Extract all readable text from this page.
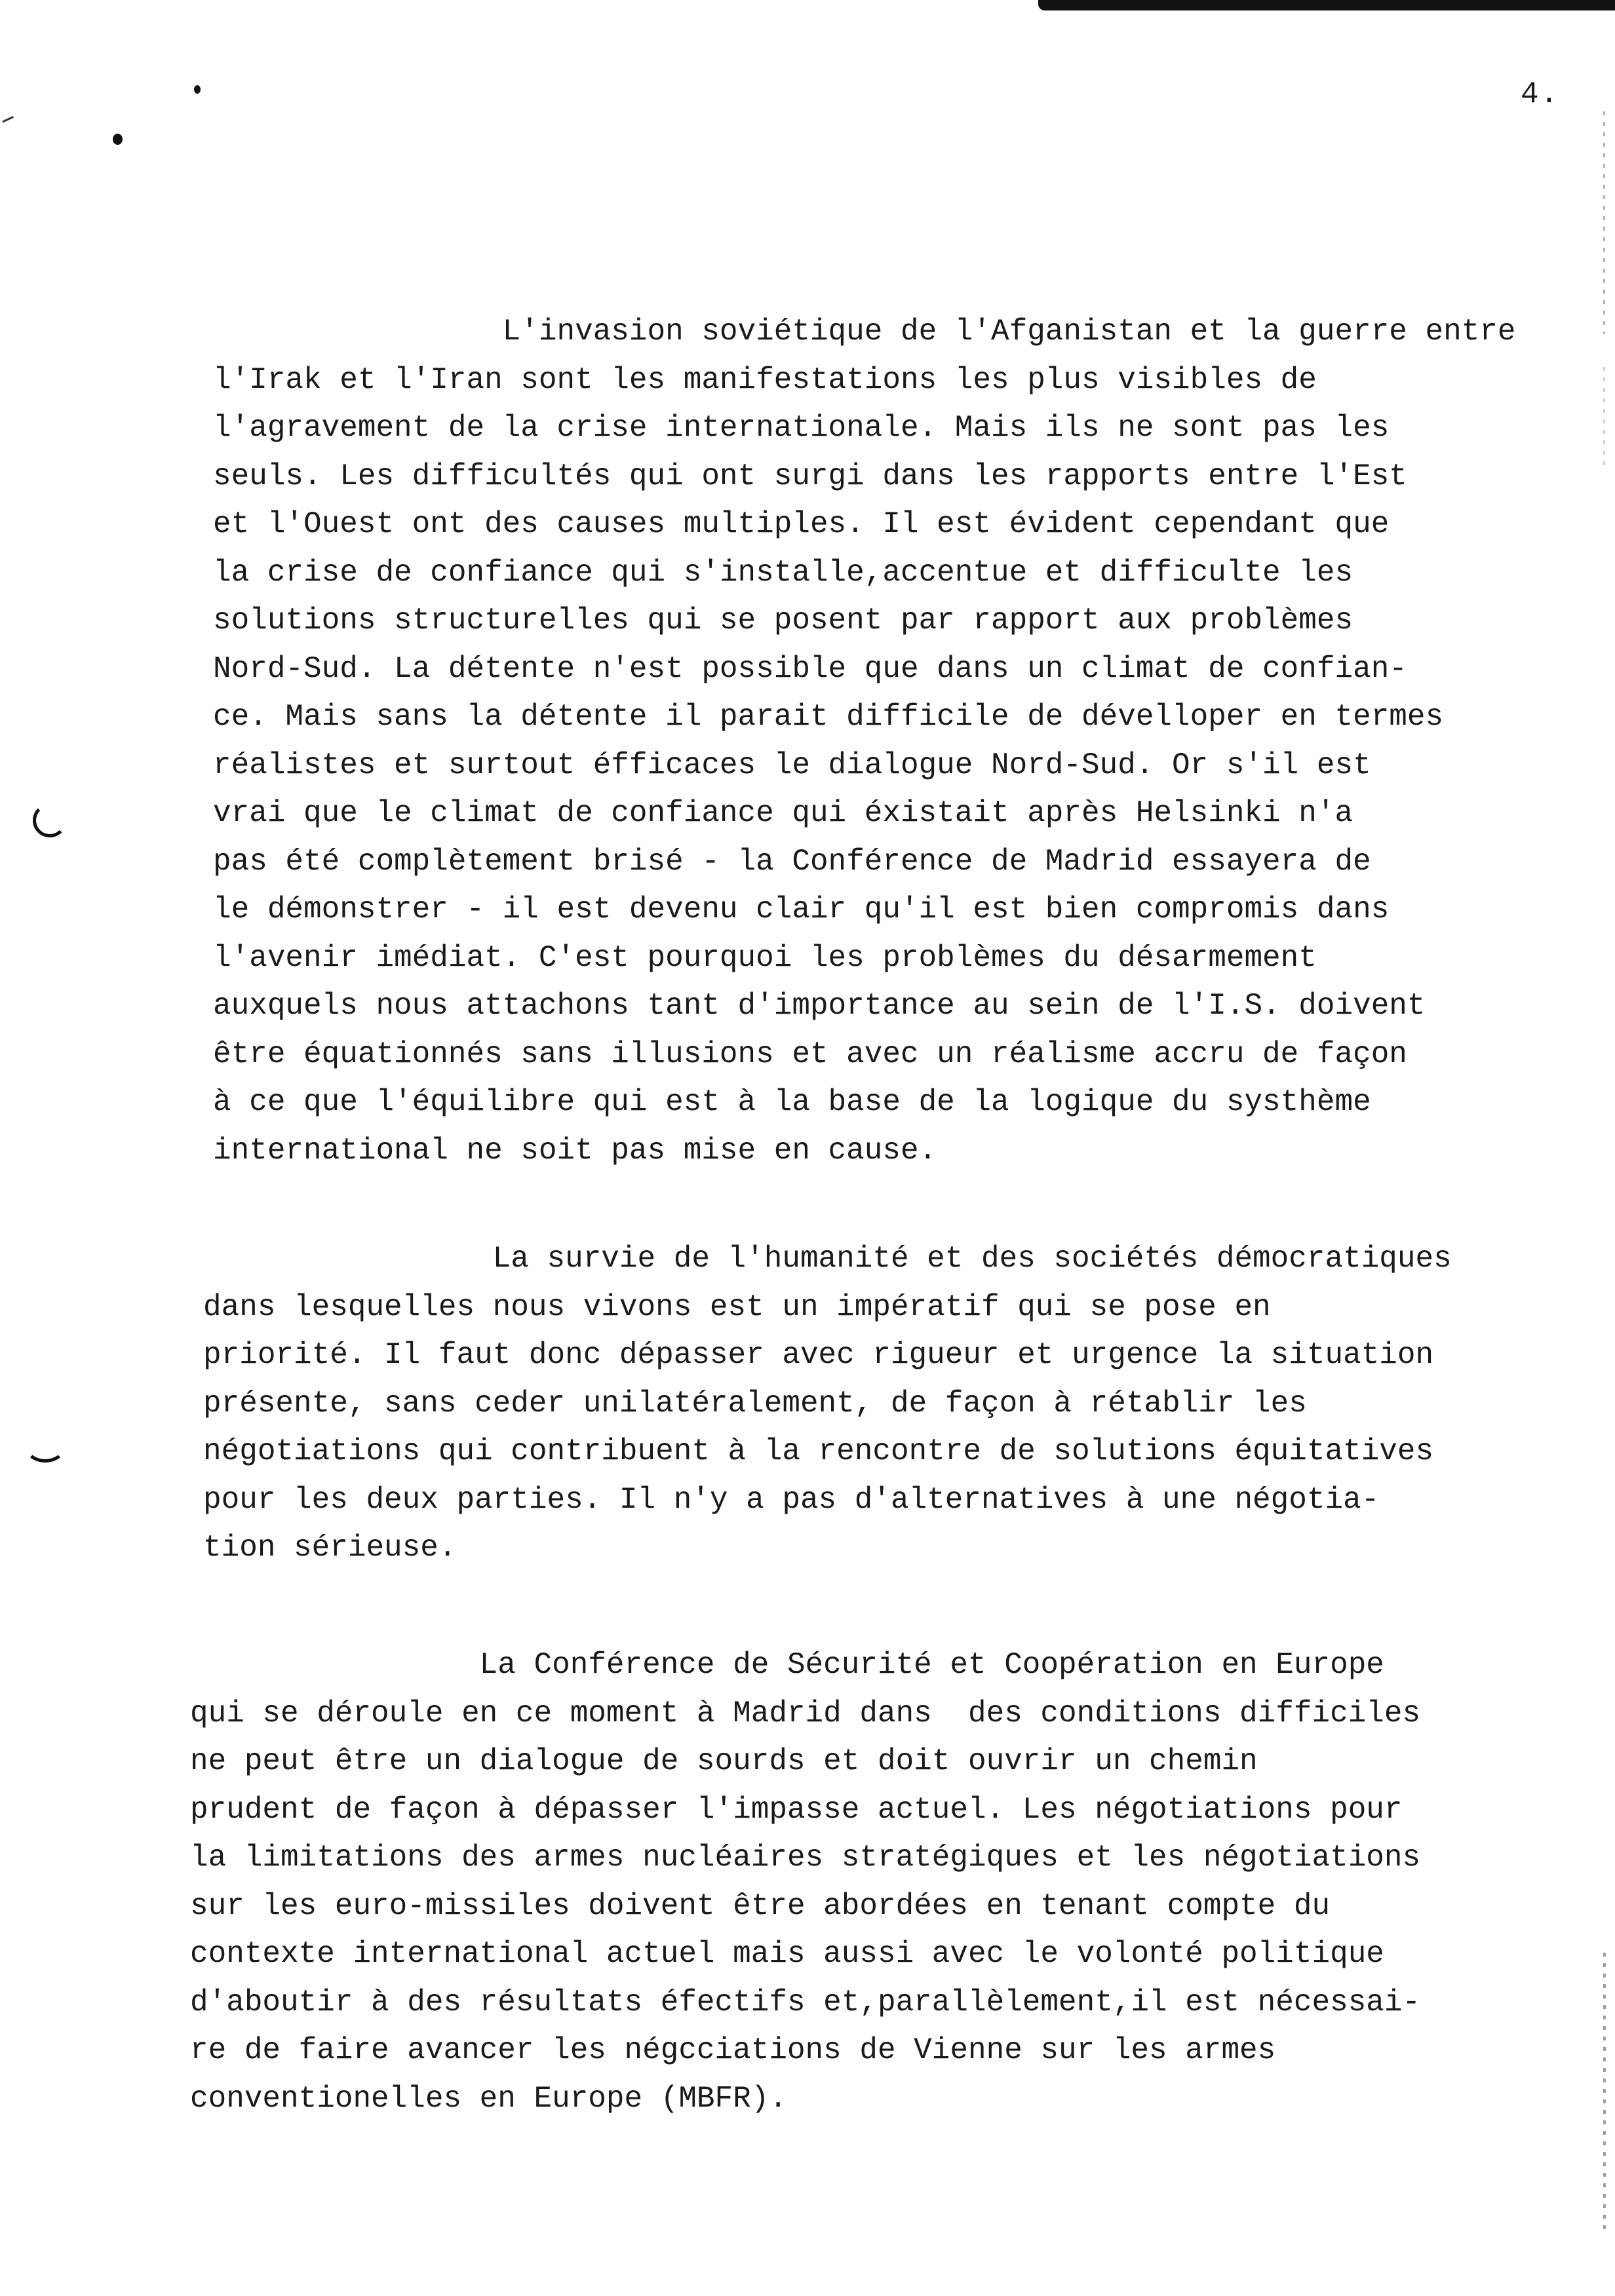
4.
L'invasion soviétique de l'Afganistan et la guerre entre
l'Irak et l'Iran sont les manifestations les plus visibles de
l'agravement de la crise internationale. Mais ils ne sont pas les
seuls. Les difficultés qui ont surgi dans les rapports entre l'Est
et l'Ouest ont des causes multiples. Il est évident cependant que
la crise de confiance qui s'installe,accentue et difficulte les
solutions structurelles qui se posent par rapport aux problèmes
Nord-Sud. La détente n'est possible que dans un climat de confian-
ce. Mais sans la détente il parait difficile de dévelloper en termes
réalistes et surtout éfficaces le dialogue Nord-Sud. Or s'il est
vrai que le climat de confiance qui éxistait après Helsinki n'a
pas été complètement brisé - la Conférence de Madrid essayera de
le démonstrer - il est devenu clair qu'il est bien compromis dans
l'avenir imédiat. C'est pourquoi les problèmes du désarmement
auxquels nous attachons tant d'importance au sein de l'I.S. doivent
être équationnés sans illusions et avec un réalisme accru de façon
à ce que l'équilibre qui est à la base de la logique du systhème
international ne soit pas mise en cause.
La survie de l'humanité et des sociétés démocratiques
dans lesquelles nous vivons est un impératif qui se pose en
priorité. Il faut donc dépasser avec rigueur et urgence la situation
présente, sans ceder unilatéralement, de façon à rétablir les
négotiations qui contribuent à la rencontre de solutions équitatives
pour les deux parties. Il n'y a pas d'alternatives à une négotia-
tion sérieuse.
La Conférence de Sécurité et Coopération en Europe
qui se déroule en ce moment à Madrid dans  des conditions difficiles
ne peut être un dialogue de sourds et doit ouvrir un chemin
prudent de façon à dépasser l'impasse actuel. Les négotiations pour
la limitations des armes nucléaires stratégiques et les négotiations
sur les euro-missiles doivent être abordées en tenant compte du
contexte international actuel mais aussi avec le volonté politique
d'aboutir à des résultats éfectifs et,parallèlement,il est nécessai-
re de faire avancer les négcciations de Vienne sur les armes
conventionelles en Europe (MBFR).
